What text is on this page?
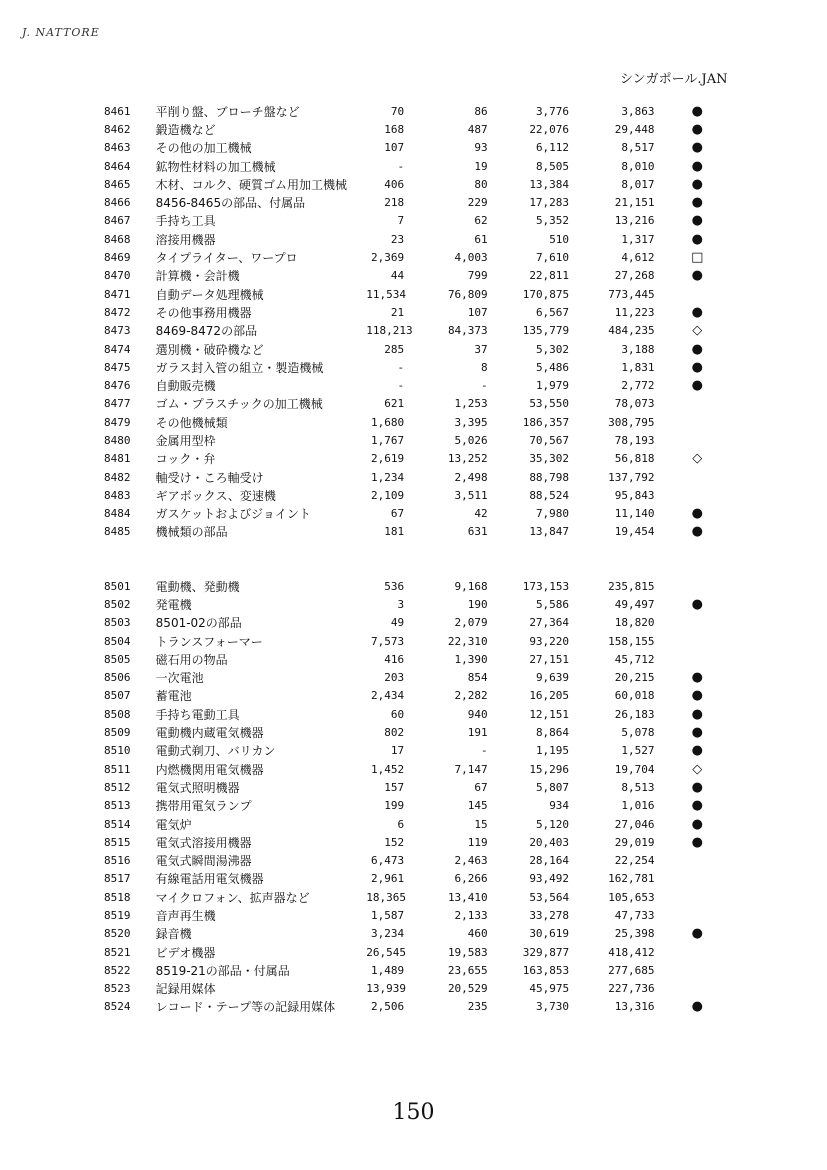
J. NATTORE
シンガポール.JAN
8461	平削り盤、ブローチ盤など	70	86	3,776	3,863	●
8462	鍛造機など	168	487	22,076	29,448	●
8463	その他の加工機械	107	93	6,112	8,517	●
8464	鉱物性材料の加工機械	-	19	8,505	8,010	●
8465	木材、コルク、硬質ゴム用加工機械	406	80	13,384	8,017	●
8466	8456-8465の部品、付属品	218	229	17,283	21,151	●
8467	手持ち工具	7	62	5,352	13,216	●
8468	溶接用機器	23	61	510	1,317	●
8469	タイプライター、ワープロ	2,369	4,003	7,610	4,612	□
8470	計算機・会計機	44	799	22,811	27,268	●
8471	自動データ処理機械	11,534	76,809	170,875	773,445
8472	その他事務用機器	21	107	6,567	11,223	●
8473	8469-8472の部品	118,213	84,373	135,779	484,235	◇
8474	選別機・破砕機など	285	37	5,302	3,188	●
8475	ガラス封入管の組立・製造機械	-	8	5,486	1,831	●
8476	自動販売機	-	-	1,979	2,772	●
8477	ゴム・プラスチックの加工機械	621	1,253	53,550	78,073
8479	その他機械類	1,680	3,395	186,357	308,795
8480	金属用型枠	1,767	5,026	70,567	78,193
8481	コック・弁	2,619	13,252	35,302	56,818	◇
8482	軸受け・ころ軸受け	1,234	2,498	88,798	137,792
8483	ギアボックス、変速機	2,109	3,511	88,524	95,843
8484	ガスケットおよびジョイント	67	42	7,980	11,140	●
8485	機械類の部品	181	631	13,847	19,454	●
8501	電動機、発動機	536	9,168	173,153	235,815
8502	発電機	3	190	5,586	49,497	●
8503	8501-02の部品	49	2,079	27,364	18,820
8504	トランスフォーマー	7,573	22,310	93,220	158,155
8505	磁石用の物品	416	1,390	27,151	45,712
8506	一次電池	203	854	9,639	20,215	●
8507	蓄電池	2,434	2,282	16,205	60,018	●
8508	手持ち電動工具	60	940	12,151	26,183	●
8509	電動機内蔵電気機器	802	191	8,864	5,078	●
8510	電動式剃刀、バリカン	17	-	1,195	1,527	●
8511	内燃機関用電気機器	1,452	7,147	15,296	19,704	◇
8512	電気式照明機器	157	67	5,807	8,513	●
8513	携帯用電気ランプ	199	145	934	1,016	●
8514	電気炉	6	15	5,120	27,046	●
8515	電気式溶接用機器	152	119	20,403	29,019	●
8516	電気式瞬間湯沸器	6,473	2,463	28,164	22,254
8517	有線電話用電気機器	2,961	6,266	93,492	162,781
8518	マイクロフォン、拡声器など	18,365	13,410	53,564	105,653
8519	音声再生機	1,587	2,133	33,278	47,733
8520	録音機	3,234	460	30,619	25,398	●
8521	ビデオ機器	26,545	19,583	329,877	418,412
8522	8519-21の部品・付属品	1,489	23,655	163,853	277,685
8523	記録用媒体	13,939	20,529	45,975	227,736
8524	レコード・テープ等の記録用媒体	2,506	235	3,730	13,316	●
150
